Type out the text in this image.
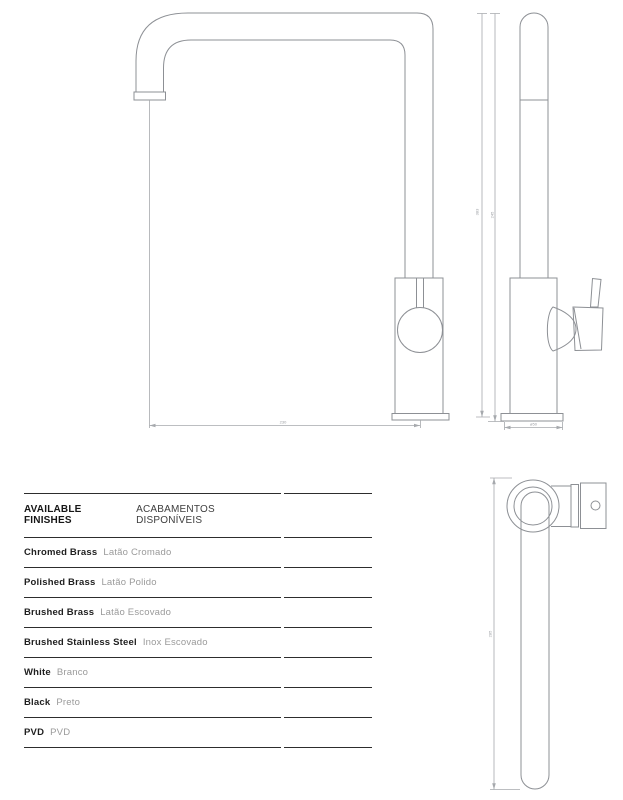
230
383	245
ø50
285
AVAILABLE FINISHES
ACABAMENTOS DISPONÍVEIS
Chromed Brass Latão Cromado
Polished Brass Latão Polido
Brushed Brass Latão Escovado
Brushed Stainless Steel Inox Escovado
White Branco
Black Preto
PVD PVD
